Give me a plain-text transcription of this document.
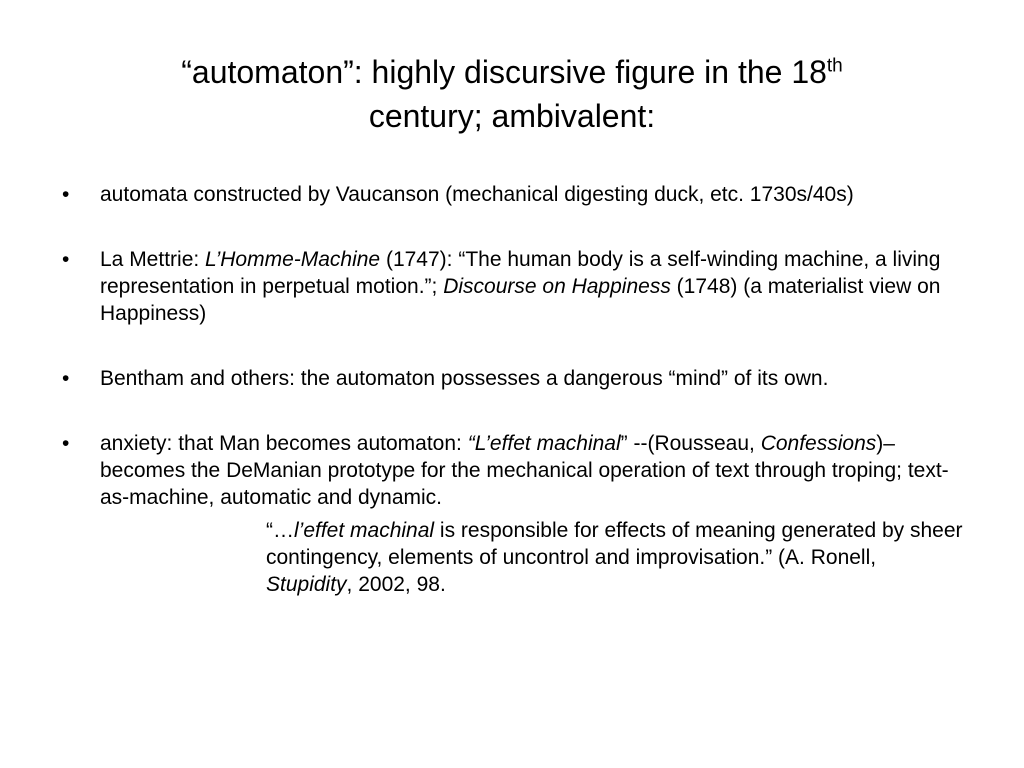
“automaton”: highly discursive figure in the 18th
century; ambivalent:
• automata constructed by Vaucanson (mechanical digesting duck, etc. 1730s/40s)
• La Mettrie: L’Homme-Machine (1747): “The human body is a self-winding machine, a living representation in perpetual motion.”; Discourse on Happiness (1748) (a materialist view on Happiness)
• Bentham and others: the automaton possesses a dangerous “mind” of its own.
• anxiety: that Man becomes automaton: “L’effet machinal” --(Rousseau, Confessions)– becomes the DeManian prototype for the mechanical operation of text through troping; text-as-machine, automatic and dynamic.
“…l’effet machinal is responsible for effects of meaning generated by sheer contingency, elements of uncontrol and improvisation.” (A. Ronell, Stupidity, 2002, 98.
